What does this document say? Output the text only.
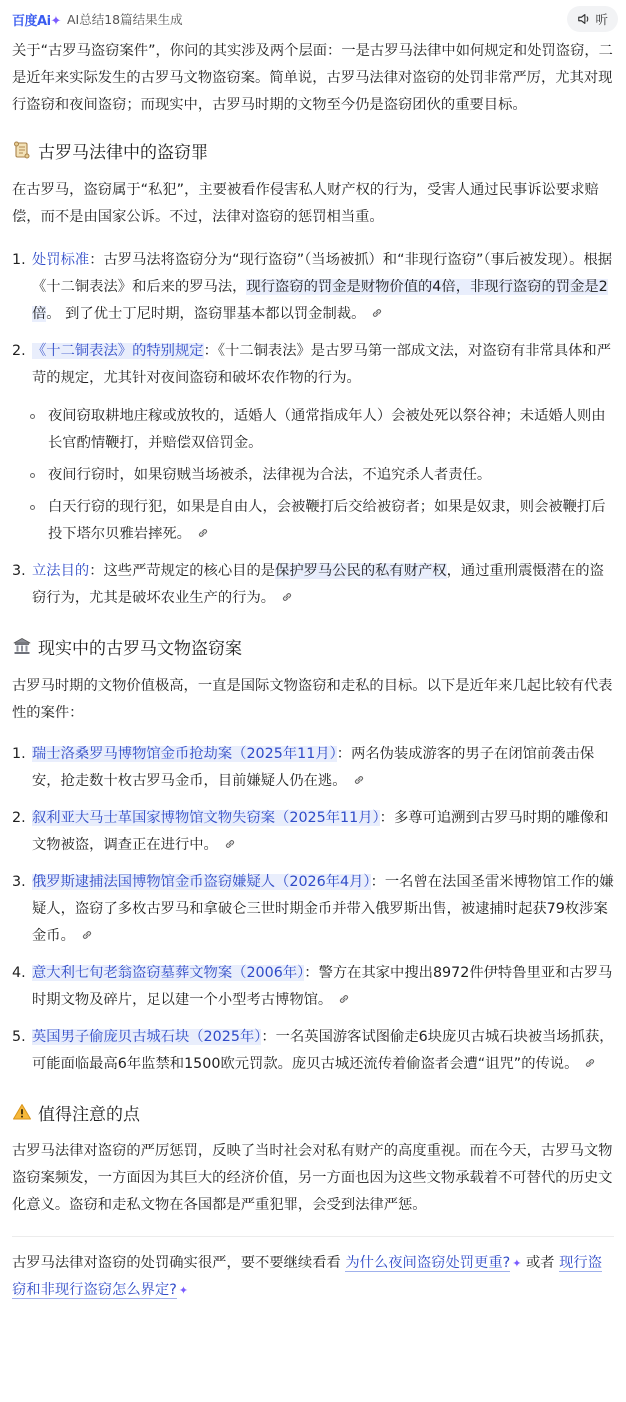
百度Ai✦ AI总结18篇结果生成	听

关于“古罗马盗窃案件”，你问的其实涉及两个层面：一是古罗马法律中如何规定和处罚盗窃，二是近年来实际发生的古罗马文物盗窃案。简单说，古罗马法律对盗窃的处罚非常严厉，尤其对现行盗窃和夜间盗窃；而现实中，古罗马时期的文物至今仍是盗窃团伙的重要目标。

古罗马法律中的盗窃罪

在古罗马，盗窃属于“私犯”，主要被看作侵害私人财产权的行为，受害人通过民事诉讼要求赔偿，而不是由国家公诉。不过，法律对盗窃的惩罚相当重。

1. 处罚标准：古罗马法将盗窃分为“现行盗窃”（当场被抓）和“非现行盗窃”（事后被发现）。根据《十二铜表法》和后来的罗马法，现行盗窃的罚金是财物价值的4倍，非现行盗窃的罚金是2倍。 到了优士丁尼时期，盗窃罪基本都以罚金制裁。
2. 《十二铜表法》的特别规定：《十二铜表法》是古罗马第一部成文法，对盗窃有非常具体和严苛的规定，尤其针对夜间盗窃和破坏农作物的行为。
夜间窃取耕地庄稼或放牧的，适婚人（通常指成年人）会被处死以祭谷神；未适婚人则由长官酌情鞭打，并赔偿双倍罚金。
夜间行窃时，如果窃贼当场被杀，法律视为合法，不追究杀人者责任。
白天行窃的现行犯，如果是自由人，会被鞭打后交给被窃者；如果是奴隶，则会被鞭打后投下塔尔贝雅岩摔死。
3. 立法目的：这些严苛规定的核心目的是保护罗马公民的私有财产权，通过重刑震慑潜在的盗窃行为，尤其是破坏农业生产的行为。
现实中的古罗马文物盗窃案

古罗马时期的文物价值极高，一直是国际文物盗窃和走私的目标。以下是近年来几起比较有代表性的案件：

1. 瑞士洛桑罗马博物馆金币抢劫案（2025年11月）：两名伪装成游客的男子在闭馆前袭击保安，抢走数十枚古罗马金币，目前嫌疑人仍在逃。
2. 叙利亚大马士革国家博物馆文物失窃案（2025年11月）：多尊可追溯到古罗马时期的雕像和文物被盗，调查正在进行中。
3. 俄罗斯逮捕法国博物馆金币盗窃嫌疑人（2026年4月）：一名曾在法国圣雷米博物馆工作的嫌疑人，盗窃了多枚古罗马和拿破仑三世时期金币并带入俄罗斯出售，被逮捕时起获79枚涉案金币。
4. 意大利七旬老翁盗窃墓葬文物案（2006年）：警方在其家中搜出8972件伊特鲁里亚和古罗马时期文物及碎片，足以建一个小型考古博物馆。
5. 英国男子偷庞贝古城石块（2025年）：一名英国游客试图偷走6块庞贝古城石块被当场抓获，可能面临最高6年监禁和1500欧元罚款。庞贝古城还流传着偷盗者会遭“诅咒”的传说。
值得注意的点

古罗马法律对盗窃的严厉惩罚，反映了当时社会对私有财产的高度重视。而在今天，古罗马文物盗窃案频发，一方面因为其巨大的经济价值，另一方面也因为这些文物承载着不可替代的历史文化意义。盗窃和走私文物在各国都是严重犯罪，会受到法律严惩。

古罗马法律对盗窃的处罚确实很严，要不要继续看看 为什么夜间盗窃处罚更重? ✦ 或者 现行盗窃和非现行盗窃怎么界定? ✦
